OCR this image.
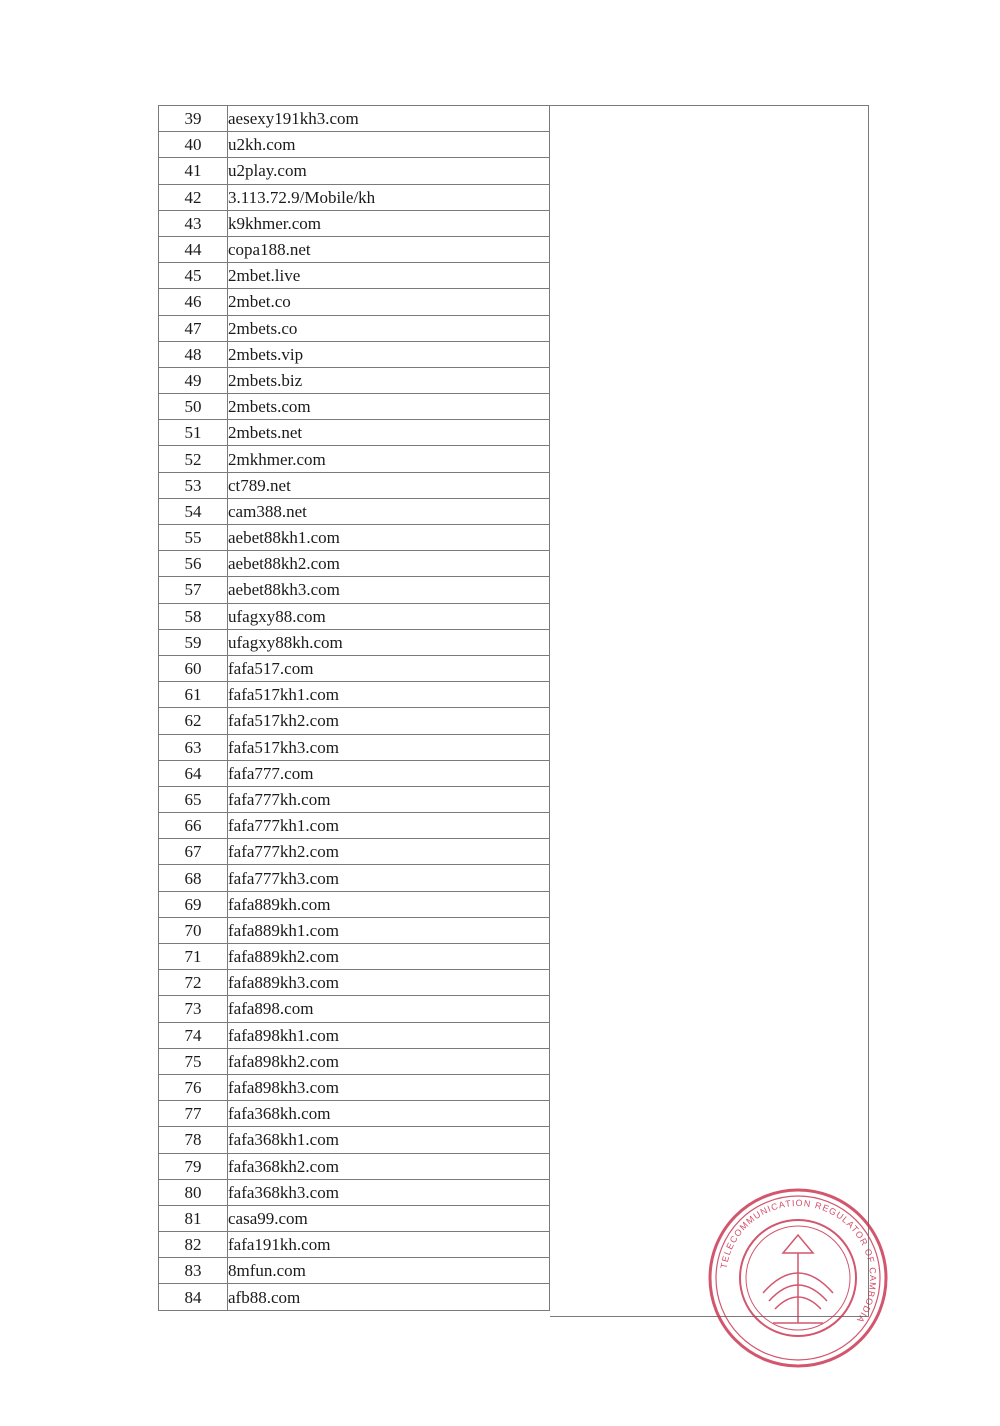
39	aesexy191kh3.com
40	u2kh.com
41	u2play.com
42	3.113.72.9/Mobile/kh
43	k9khmer.com
44	copa188.net
45	2mbet.live
46	2mbet.co
47	2mbets.co
48	2mbets.vip
49	2mbets.biz
50	2mbets.com
51	2mbets.net
52	2mkhmer.com
53	ct789.net
54	cam388.net
55	aebet88kh1.com
56	aebet88kh2.com
57	aebet88kh3.com
58	ufagxy88.com
59	ufagxy88kh.com
60	fafa517.com
61	fafa517kh1.com
62	fafa517kh2.com
63	fafa517kh3.com
64	fafa777.com
65	fafa777kh.com
66	fafa777kh1.com
67	fafa777kh2.com
68	fafa777kh3.com
69	fafa889kh.com
70	fafa889kh1.com
71	fafa889kh2.com
72	fafa889kh3.com
73	fafa898.com
74	fafa898kh1.com
75	fafa898kh2.com
76	fafa898kh3.com
77	fafa368kh.com
78	fafa368kh1.com
79	fafa368kh2.com
80	fafa368kh3.com
81	casa99.com
82	fafa191kh.com
83	8mfun.com
84	afb88.com
TELECOMMUNICATION REGULATOR OF CAMBODIA
